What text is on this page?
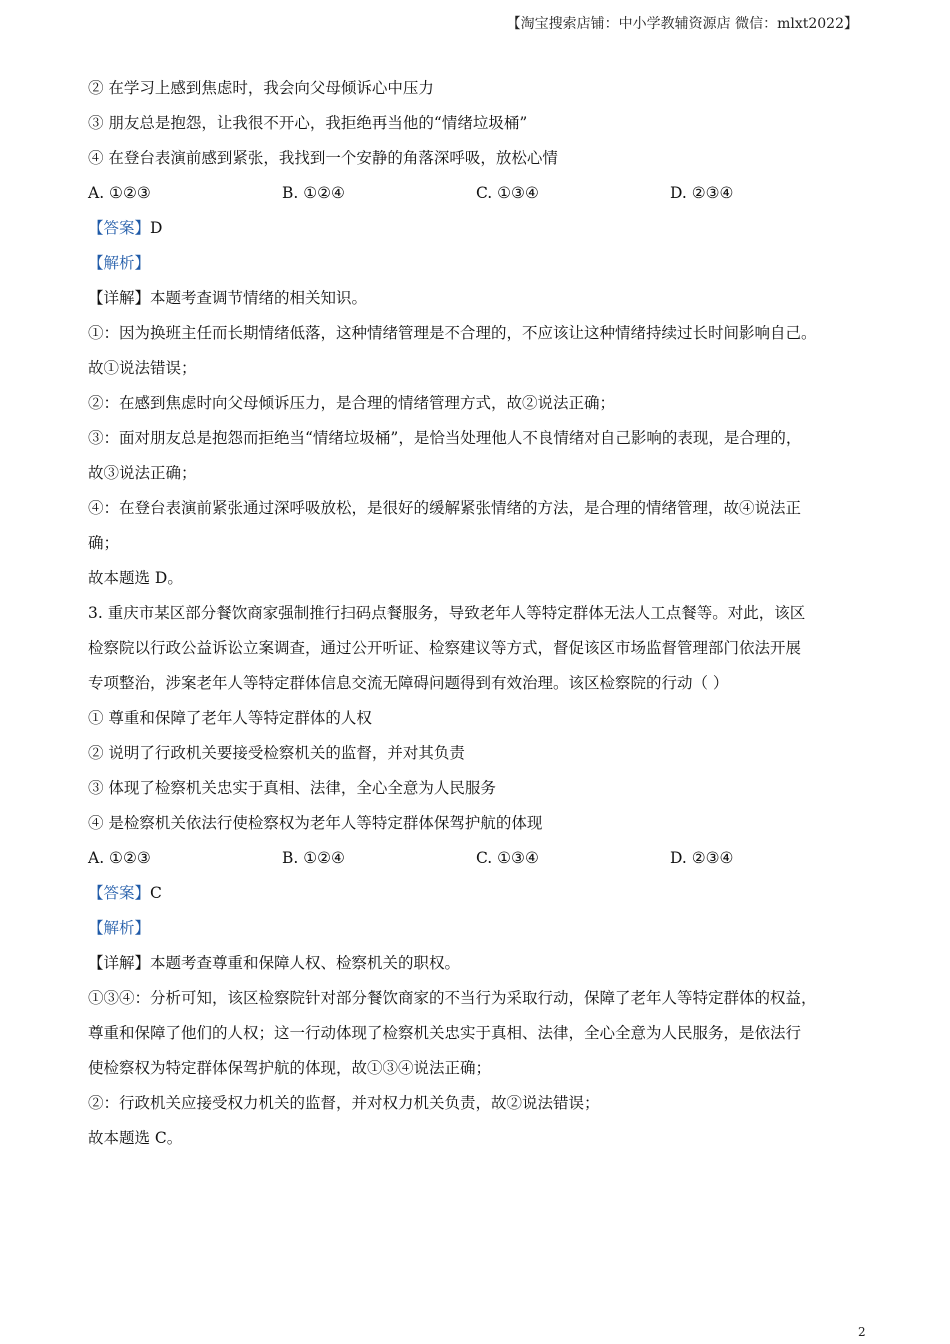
【淘宝搜索店铺：中小学教辅资源店 微信：mlxt2022】

② 在学习上感到焦虑时，我会向父母倾诉心中压力

③ 朋友总是抱怨，让我很不开心，我拒绝再当他的“情绪垃圾桶”

④ 在登台表演前感到紧张，我找到一个安静的角落深呼吸，放松心情

A. ①②③	B. ①②④	C. ①③④	D. ②③④

【答案】D

【解析】

【详解】本题考查调节情绪的相关知识。

①：因为换班主任而长期情绪低落，这种情绪管理是不合理的，不应该让这种情绪持续过长时间影响自己。

故①说法错误；

②：在感到焦虑时向父母倾诉压力，是合理的情绪管理方式，故②说法正确；

③：面对朋友总是抱怨而拒绝当“情绪垃圾桶”，是恰当处理他人不良情绪对自己影响的表现，是合理的，

故③说法正确；

④：在登台表演前紧张通过深呼吸放松，是很好的缓解紧张情绪的方法，是合理的情绪管理，故④说法正

确；

故本题选 D。

3. 重庆市某区部分餐饮商家强制推行扫码点餐服务，导致老年人等特定群体无法人工点餐等。对此，该区

检察院以行政公益诉讼立案调查，通过公开听证、检察建议等方式，督促该区市场监督管理部门依法开展

专项整治，涉案老年人等特定群体信息交流无障碍问题得到有效治理。该区检察院的行动（ ）

① 尊重和保障了老年人等特定群体的人权

② 说明了行政机关要接受检察机关的监督，并对其负责

③ 体现了检察机关忠实于真相、法律，全心全意为人民服务

④ 是检察机关依法行使检察权为老年人等特定群体保驾护航的体现

A. ①②③	B. ①②④	C. ①③④	D. ②③④

【答案】C

【解析】

【详解】本题考查尊重和保障人权、检察机关的职权。

①③④：分析可知，该区检察院针对部分餐饮商家的不当行为采取行动，保障了老年人等特定群体的权益，

尊重和保障了他们的人权；这一行动体现了检察机关忠实于真相、法律，全心全意为人民服务，是依法行

使检察权为特定群体保驾护航的体现，故①③④说法正确；

②：行政机关应接受权力机关的监督，并对权力机关负责，故②说法错误；

故本题选 C。

2
